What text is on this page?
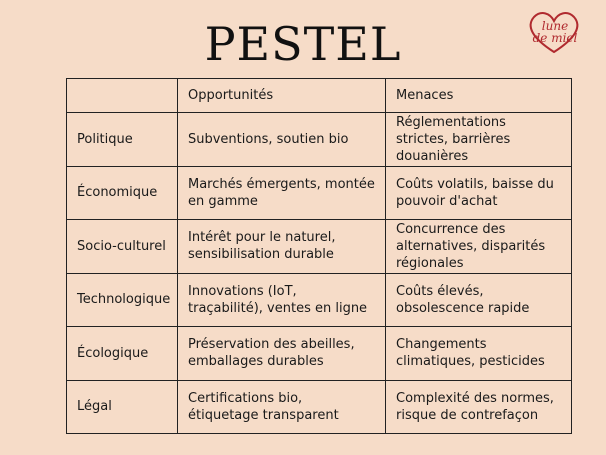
PESTEL	lune
de miel
	Opportunités	Menaces
Politique	Subventions, soutien bio	Réglementations strictes, barrières douanières
Économique	Marchés émergents, montée en gamme	Coûts volatils, baisse du pouvoir d'achat
Socio-culturel	Intérêt pour le naturel, sensibilisation durable	Concurrence des alternatives, disparités régionales
Technologique	Innovations (IoT, traçabilité), ventes en ligne	Coûts élevés, obsolescence rapide
Écologique	Préservation des abeilles, emballages durables	Changements climatiques, pesticides
Légal	Certifications bio, étiquetage transparent	Complexité des normes, risque de contrefaçon
